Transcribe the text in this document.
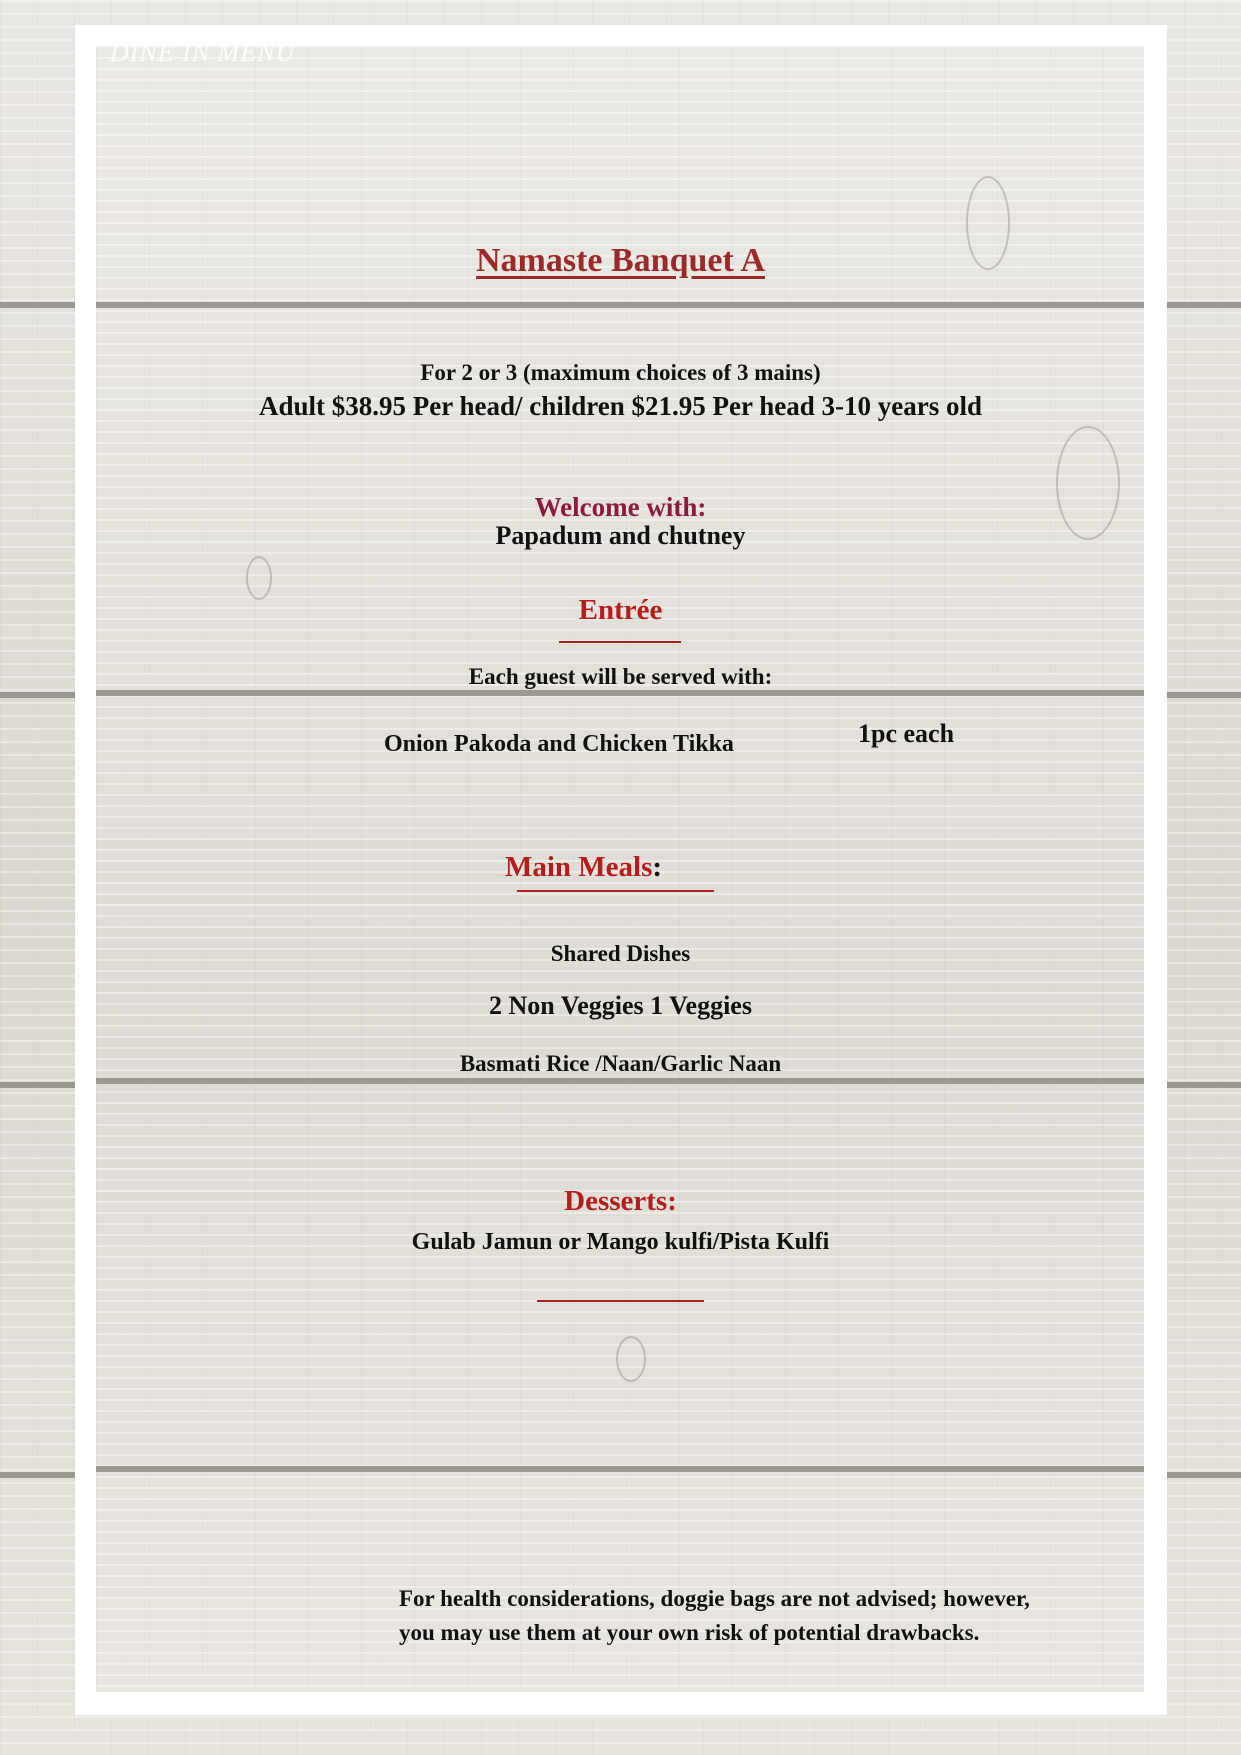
DINE IN MENU
Namaste Banquet A
For 2 or 3 (maximum choices of 3 mains)
Adult $38.95 Per head/ children $21.95 Per head 3-10 years old
Welcome with:
Papadum and chutney
Entrée
Each guest will be served with:
Onion Pakoda and Chicken Tikka	1pc each
Main Meals:
Shared Dishes
2 Non Veggies 1 Veggies
Basmati Rice /Naan/Garlic Naan
Desserts:
Gulab Jamun or Mango kulfi/Pista Kulfi
For health considerations, doggie bags are not advised; however,
you may use them at your own risk of potential drawbacks.
